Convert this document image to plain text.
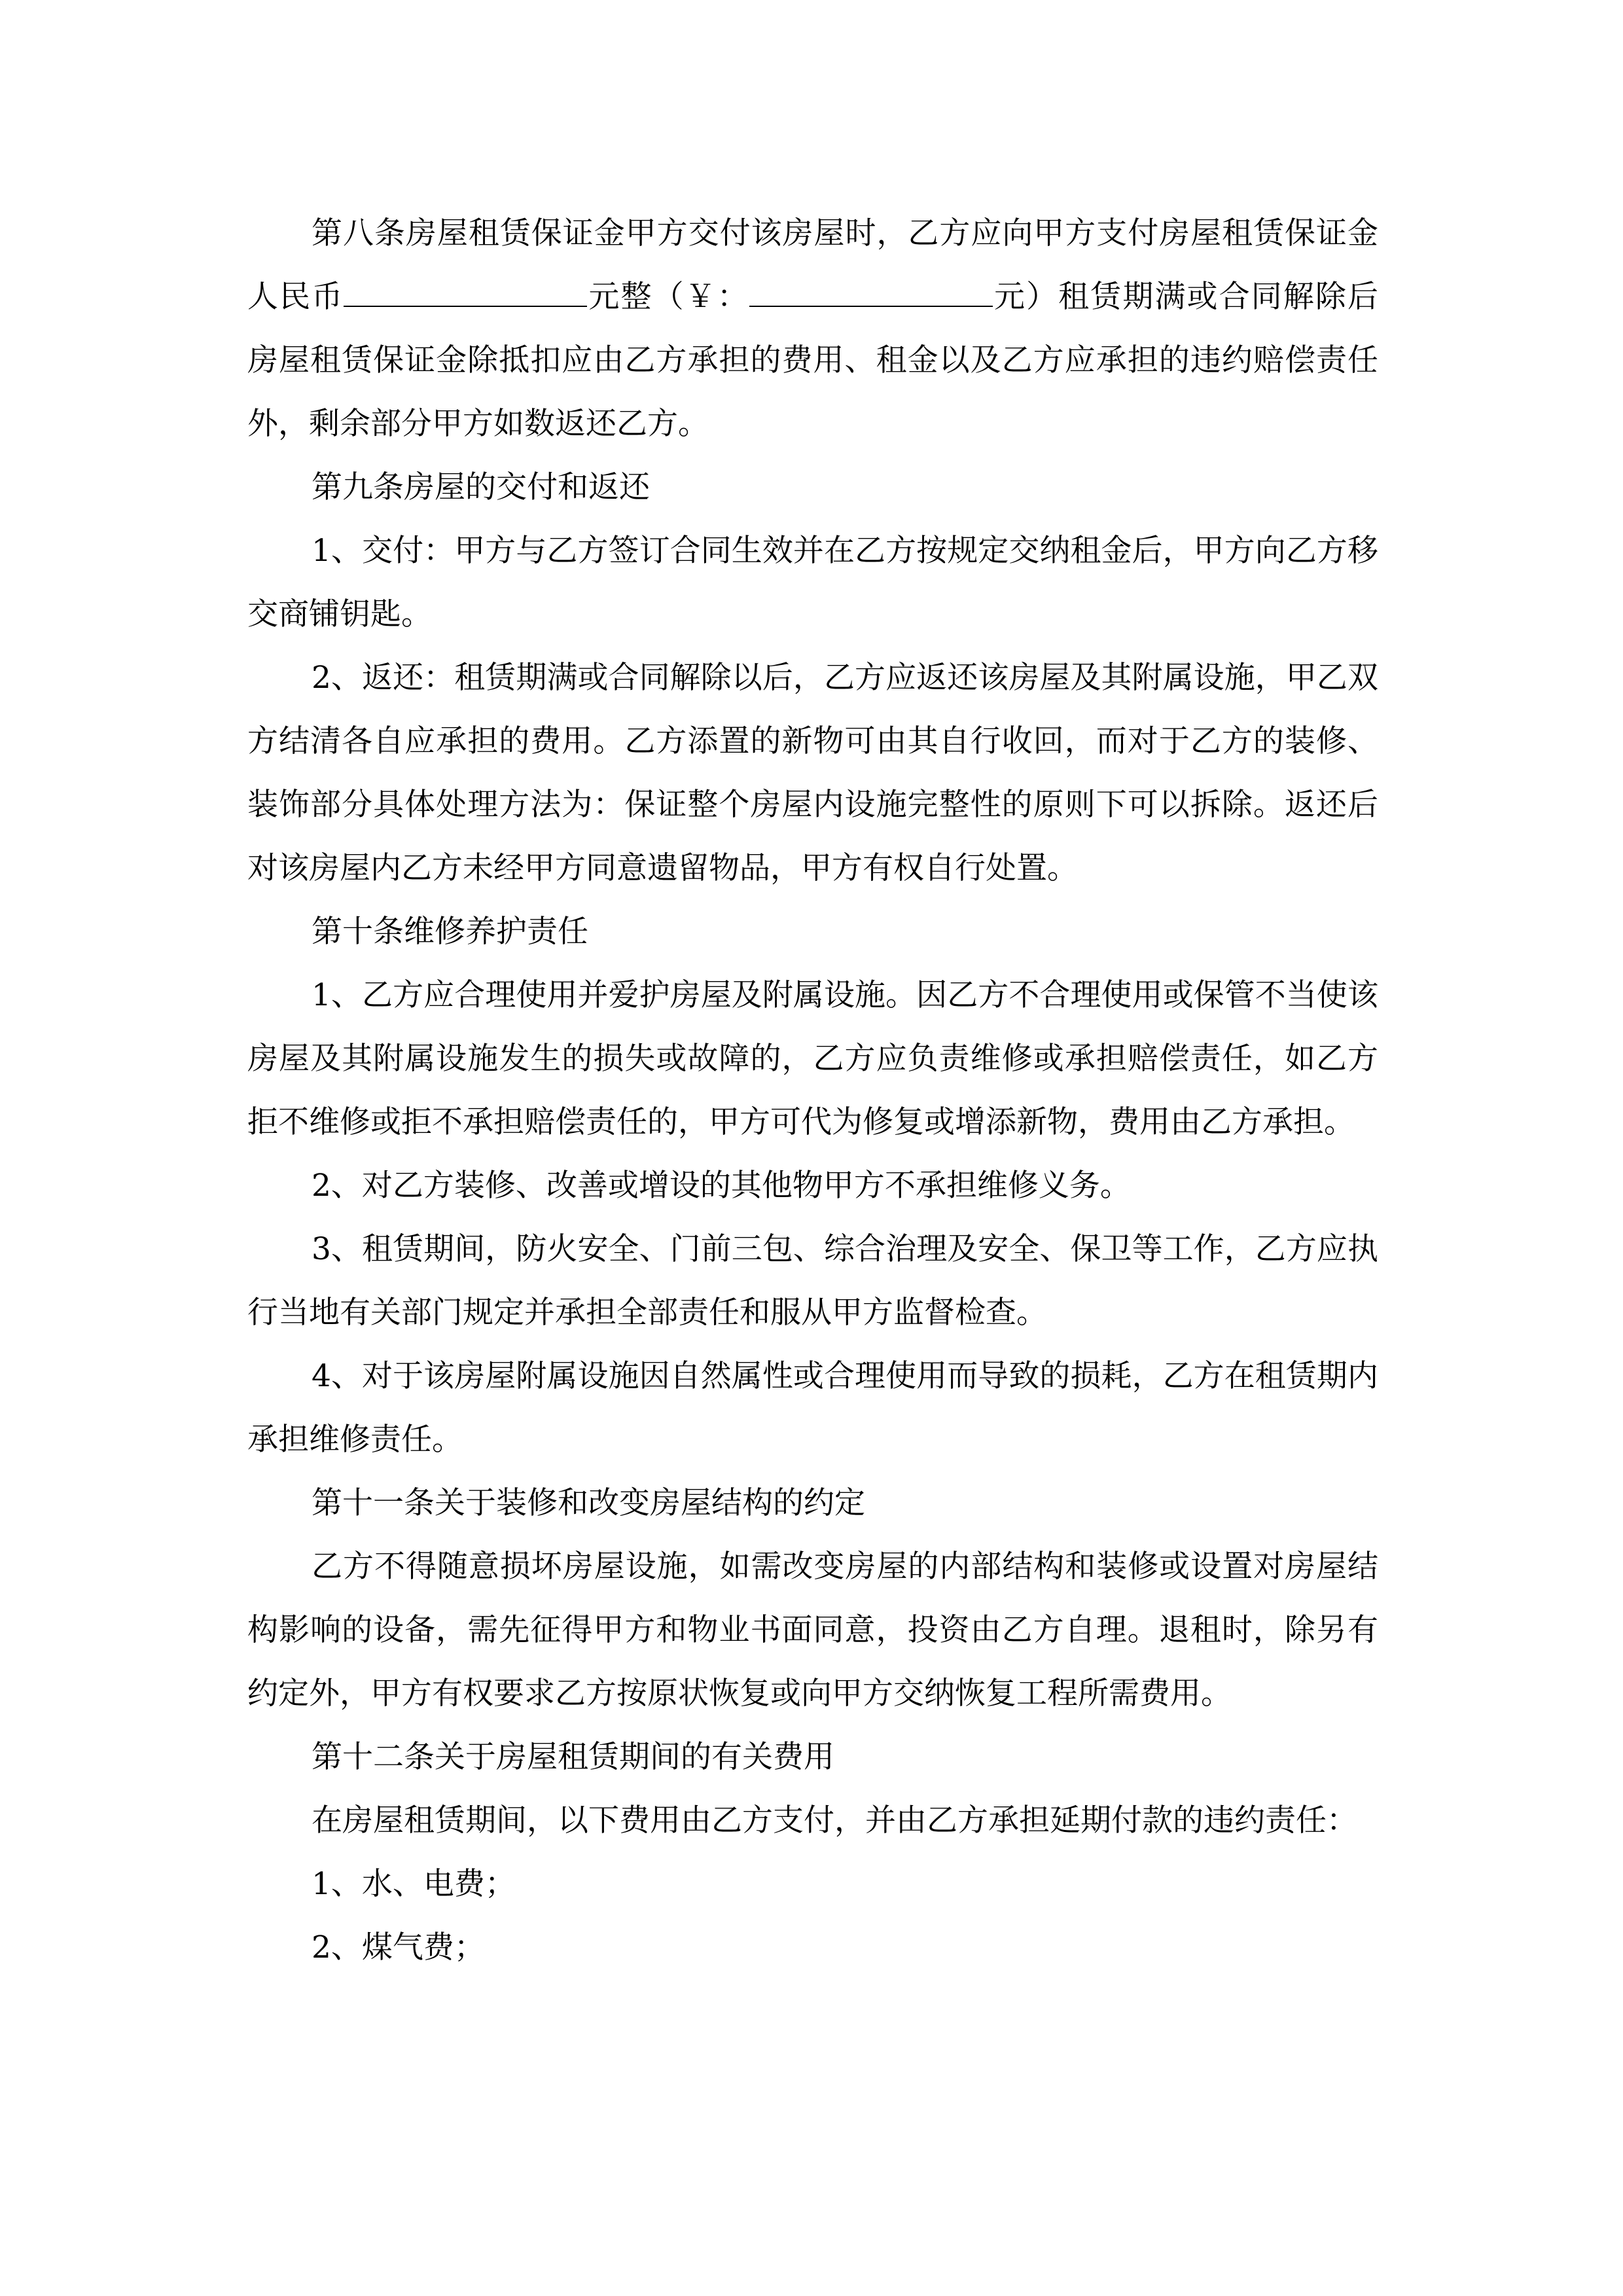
第八条房屋租赁保证金甲方交付该房屋时，乙方应向甲方支付房屋租赁保证金人民币	元整（￥：	元）租赁期满或合同解除后房屋租赁保证金除抵扣应由乙方承担的费用、租金以及乙方应承担的违约赔偿责任外，剩余部分甲方如数返还乙方。

第九条房屋的交付和返还

1、交付：甲方与乙方签订合同生效并在乙方按规定交纳租金后，甲方向乙方移交商铺钥匙。

2、返还：租赁期满或合同解除以后，乙方应返还该房屋及其附属设施，甲乙双方结清各自应承担的费用。乙方添置的新物可由其自行收回，而对于乙方的装修、装饰部分具体处理方法为：保证整个房屋内设施完整性的原则下可以拆除。返还后对该房屋内乙方未经甲方同意遗留物品，甲方有权自行处置。

第十条维修养护责任

1、乙方应合理使用并爱护房屋及附属设施。因乙方不合理使用或保管不当使该房屋及其附属设施发生的损失或故障的，乙方应负责维修或承担赔偿责任，如乙方拒不维修或拒不承担赔偿责任的，甲方可代为修复或增添新物，费用由乙方承担。

2、对乙方装修、改善或增设的其他物甲方不承担维修义务。

3、租赁期间，防火安全、门前三包、综合治理及安全、保卫等工作，乙方应执行当地有关部门规定并承担全部责任和服从甲方监督检查。

4、对于该房屋附属设施因自然属性或合理使用而导致的损耗，乙方在租赁期内承担维修责任。

第十一条关于装修和改变房屋结构的约定

乙方不得随意损坏房屋设施，如需改变房屋的内部结构和装修或设置对房屋结构影响的设备，需先征得甲方和物业书面同意，投资由乙方自理。退租时，除另有约定外，甲方有权要求乙方按原状恢复或向甲方交纳恢复工程所需费用。

第十二条关于房屋租赁期间的有关费用

在房屋租赁期间，以下费用由乙方支付，并由乙方承担延期付款的违约责任：

1、水、电费；

2、煤气费；
